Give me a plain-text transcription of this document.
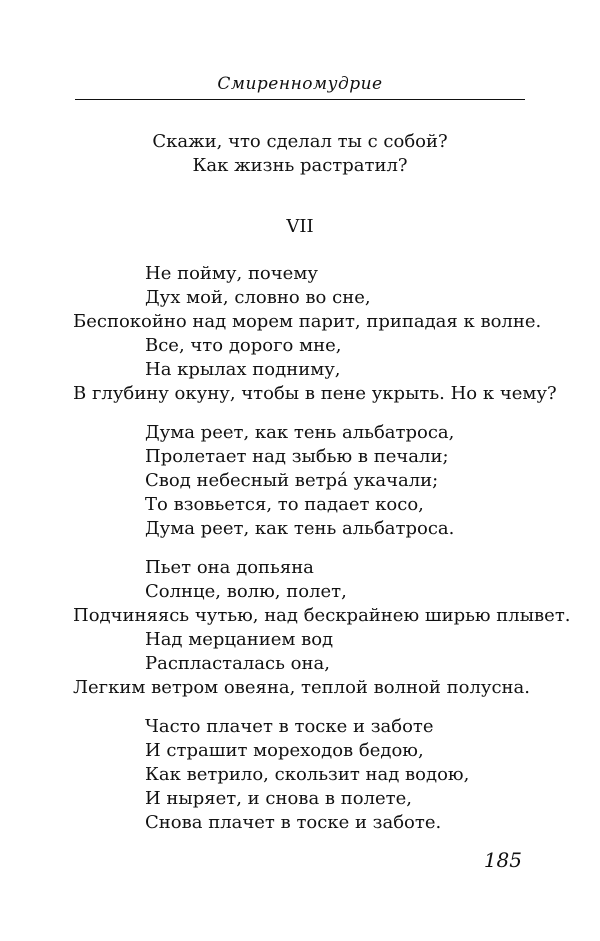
Смиренномудрие
Скажи, что сделал ты с собой?
Как жизнь растратил?
VII
Не пойму, почему
Дух мой, словно во сне,
Беспокойно над морем парит, припадая к волне.
Все, что дорого мне,
На крылах подниму,
В глубину окуну, чтобы в пене укрыть. Но к чему?
Дума реет, как тень альбатроса,
Пролетает над зыбью в печали;
Свод небесный ветра́ укачали;
То взовьется, то падает косо,
Дума реет, как тень альбатроса.
Пьет она допьяна
Солнце, волю, полет,
Подчиняясь чутью, над бескрайнею ширью плывет.
Над мерцанием вод
Распласталась она,
Легким ветром овеяна, теплой волной полусна.
Часто плачет в тоске и заботе
И страшит мореходов бедою,
Как ветрило, скользит над водою,
И ныряет, и снова в полете,
Снова плачет в тоске и заботе.
185
